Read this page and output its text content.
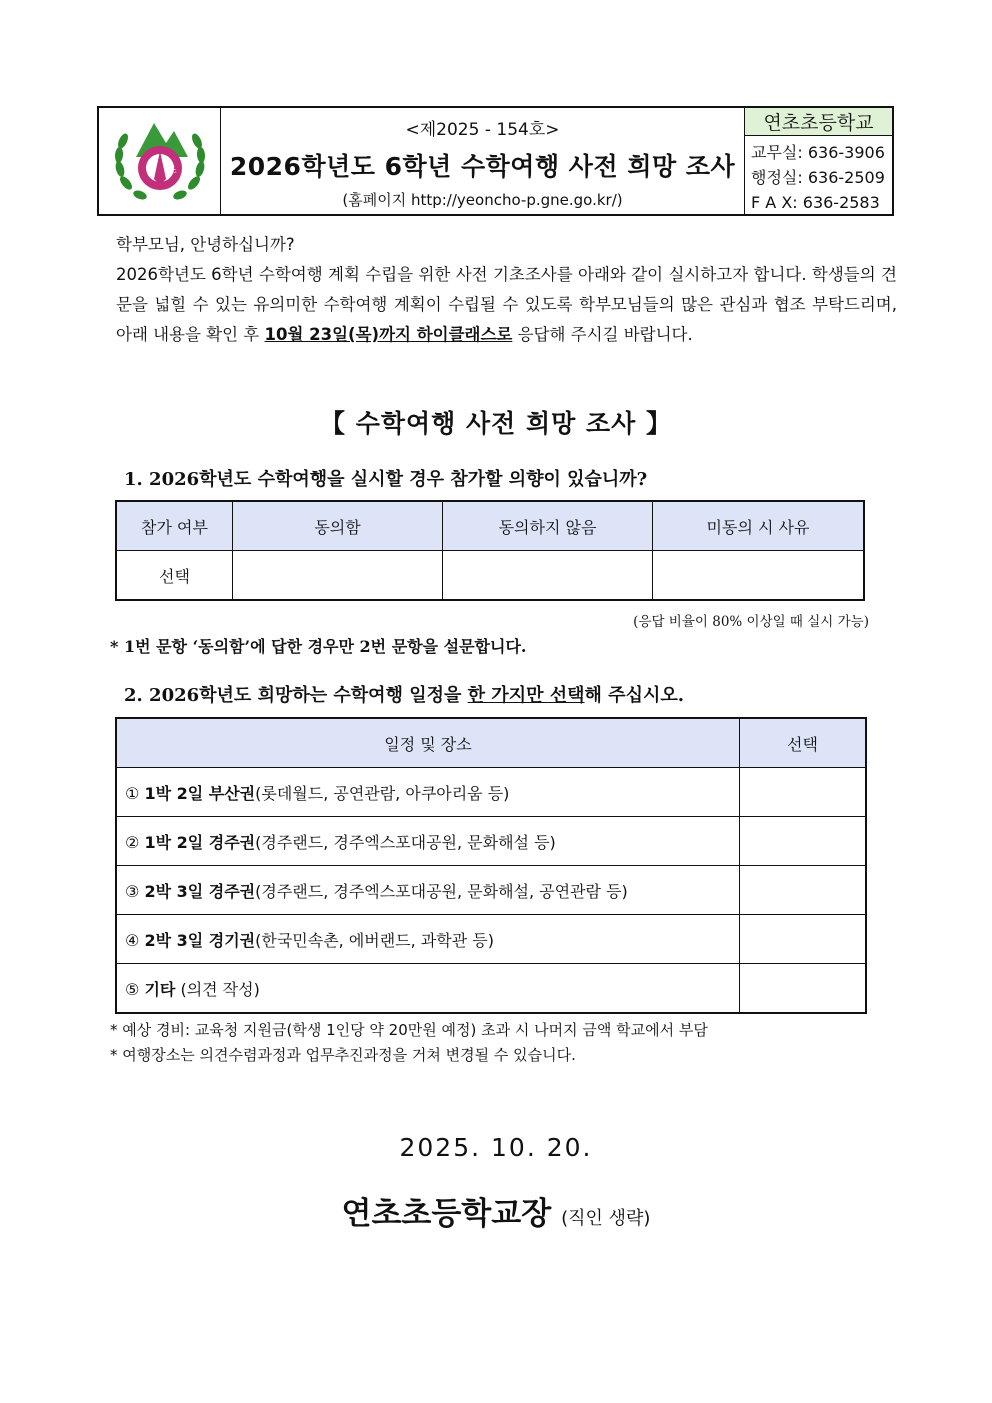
연 초
<제2025 - 154호>
2026학년도 6학년 수학여행 사전 희망 조사
(홈페이지 http://yeoncho-p.gne.go.kr/)
연초초등학교
교무실: 636-3906
행정실: 636-2509
F A X: 636-2583

학부모님, 안녕하십니까?

2026학년도 6학년 수학여행 계획 수립을 위한 사전 기초조사를 아래와 같이 실시하고자 합니다. 학생들의 견문을 넓힐 수 있는 유의미한 수학여행 계획이 수립될 수 있도록 학부모님들의 많은 관심과 협조 부탁드리며, 아래 내용을 확인 후 10월 23일(목)까지 하이클래스로 응답해 주시길 바랍니다.

【 수학여행 사전 희망 조사 】
1. 2026학년도 수학여행을 실시할 경우 참가할 의향이 있습니까?
참가 여부	동의함	동의하지 않음	미동의 시 사유
선택			
(응답 비율이 80% 이상일 때 실시 가능)
* 1번 문항 ‘동의함’에 답한 경우만 2번 문항을 설문합니다.
2. 2026학년도 희망하는 수학여행 일정을 한 가지만 선택해 주십시오.
일정 및 장소	선택
① 1박 2일 부산권(롯데월드, 공연관람, 아쿠아리움 등)	
② 1박 2일 경주권(경주랜드, 경주엑스포대공원, 문화해설 등)	
③ 2박 3일 경주권(경주랜드, 경주엑스포대공원, 문화해설, 공연관람 등)	
④ 2박 3일 경기권(한국민속촌, 에버랜드, 과학관 등)	
⑤ 기타 (의견 작성)	
* 예상 경비: 교육청 지원금(학생 1인당 약 20만원 예정) 초과 시 나머지 금액 학교에서 부담
* 여행장소는 의견수렴과정과 업무추진과정을 거쳐 변경될 수 있습니다.
2025. 10. 20.
연초초등학교장 (직인 생략)
